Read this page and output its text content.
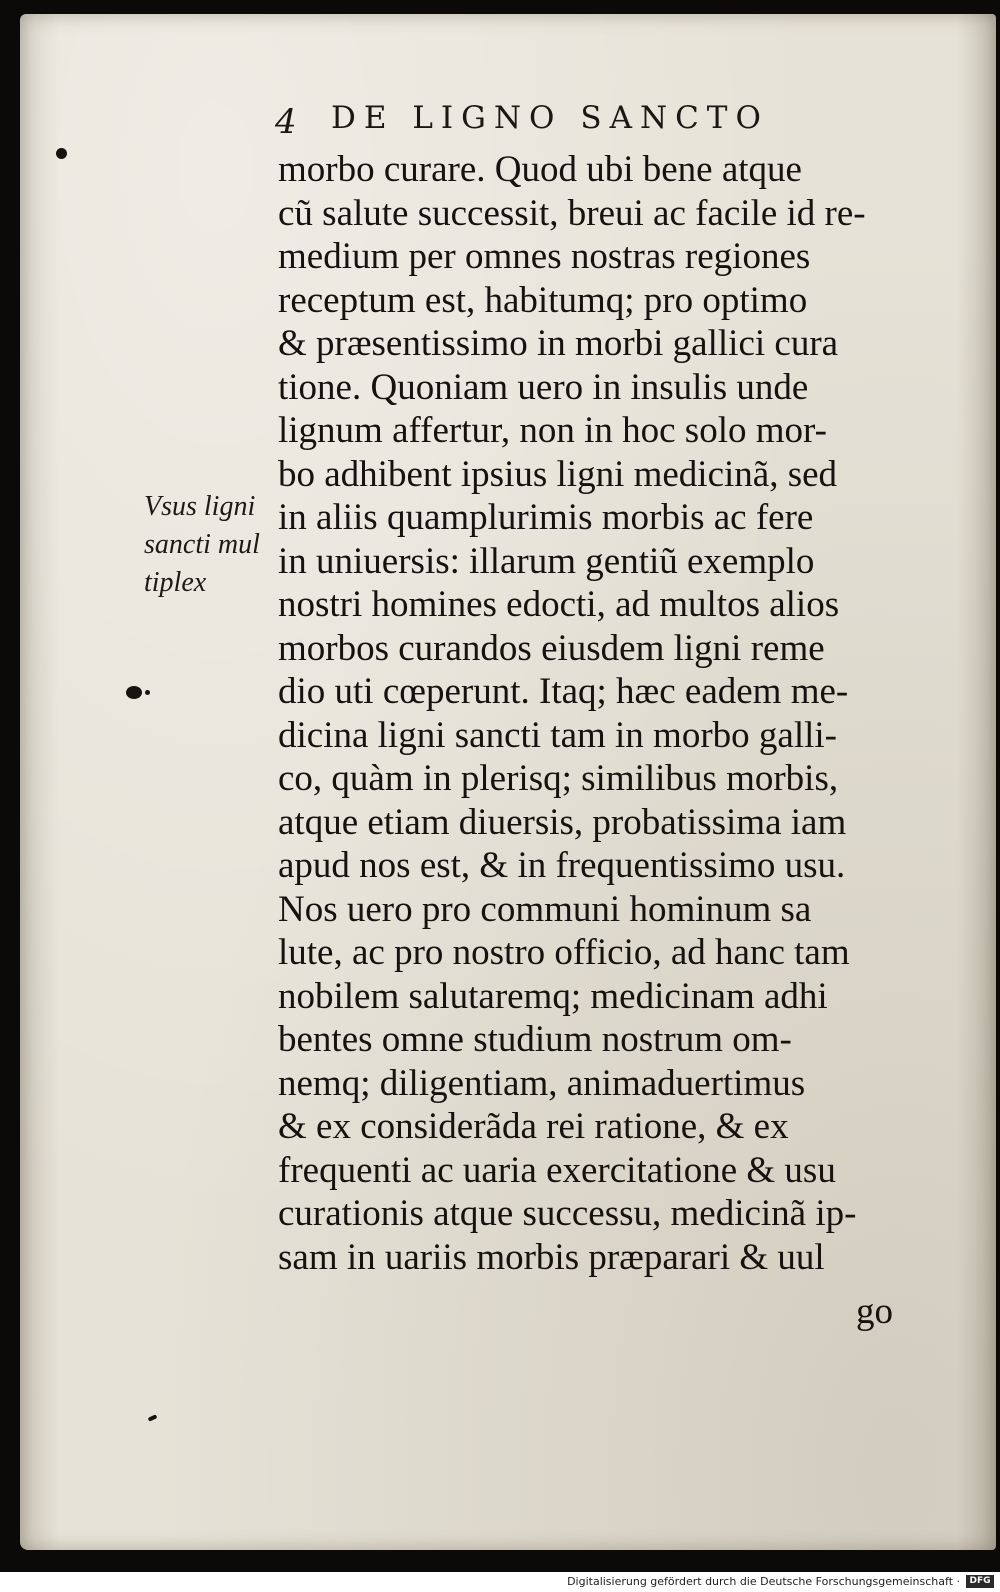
4 DE LIGNO SANCTO
Vsus ligni
sancti mul
tiplex
morbo curare. Quod ubi bene atque
cũ salute successit, breui ac facile id re-
medium per omnes nostras regiones
receptum est, habitumq; pro optimo
& præsentissimo in morbi gallici cura
tione. Quoniam uero in insulis unde
lignum affertur, non in hoc solo mor-
bo adhibent ipsius ligni medicinã, sed
in aliis quamplurimis morbis ac fere
in uniuersis: illarum gentiũ exemplo
nostri homines edocti, ad multos alios
morbos curandos eiusdem ligni reme
dio uti cœperunt. Itaq; hæc eadem me-
dicina ligni sancti tam in morbo galli-
co, quàm in plerisq; similibus morbis,
atque etiam diuersis, probatissima iam
apud nos est, & in frequentissimo usu.
Nos uero pro communi hominum sa
lute, ac pro nostro officio, ad hanc tam
nobilem salutaremq; medicinam adhi
bentes omne studium nostrum om-
nemq; diligentiam, animaduertimus
& ex considerãda rei ratione, & ex
frequenti ac uaria exercitatione & usu
curationis atque successu, medicinã ip-
sam in uariis morbis præparari & uul
go
Digitalisierung gefördert durch die Deutsche Forschungsgemeinschaft ·	DFG
